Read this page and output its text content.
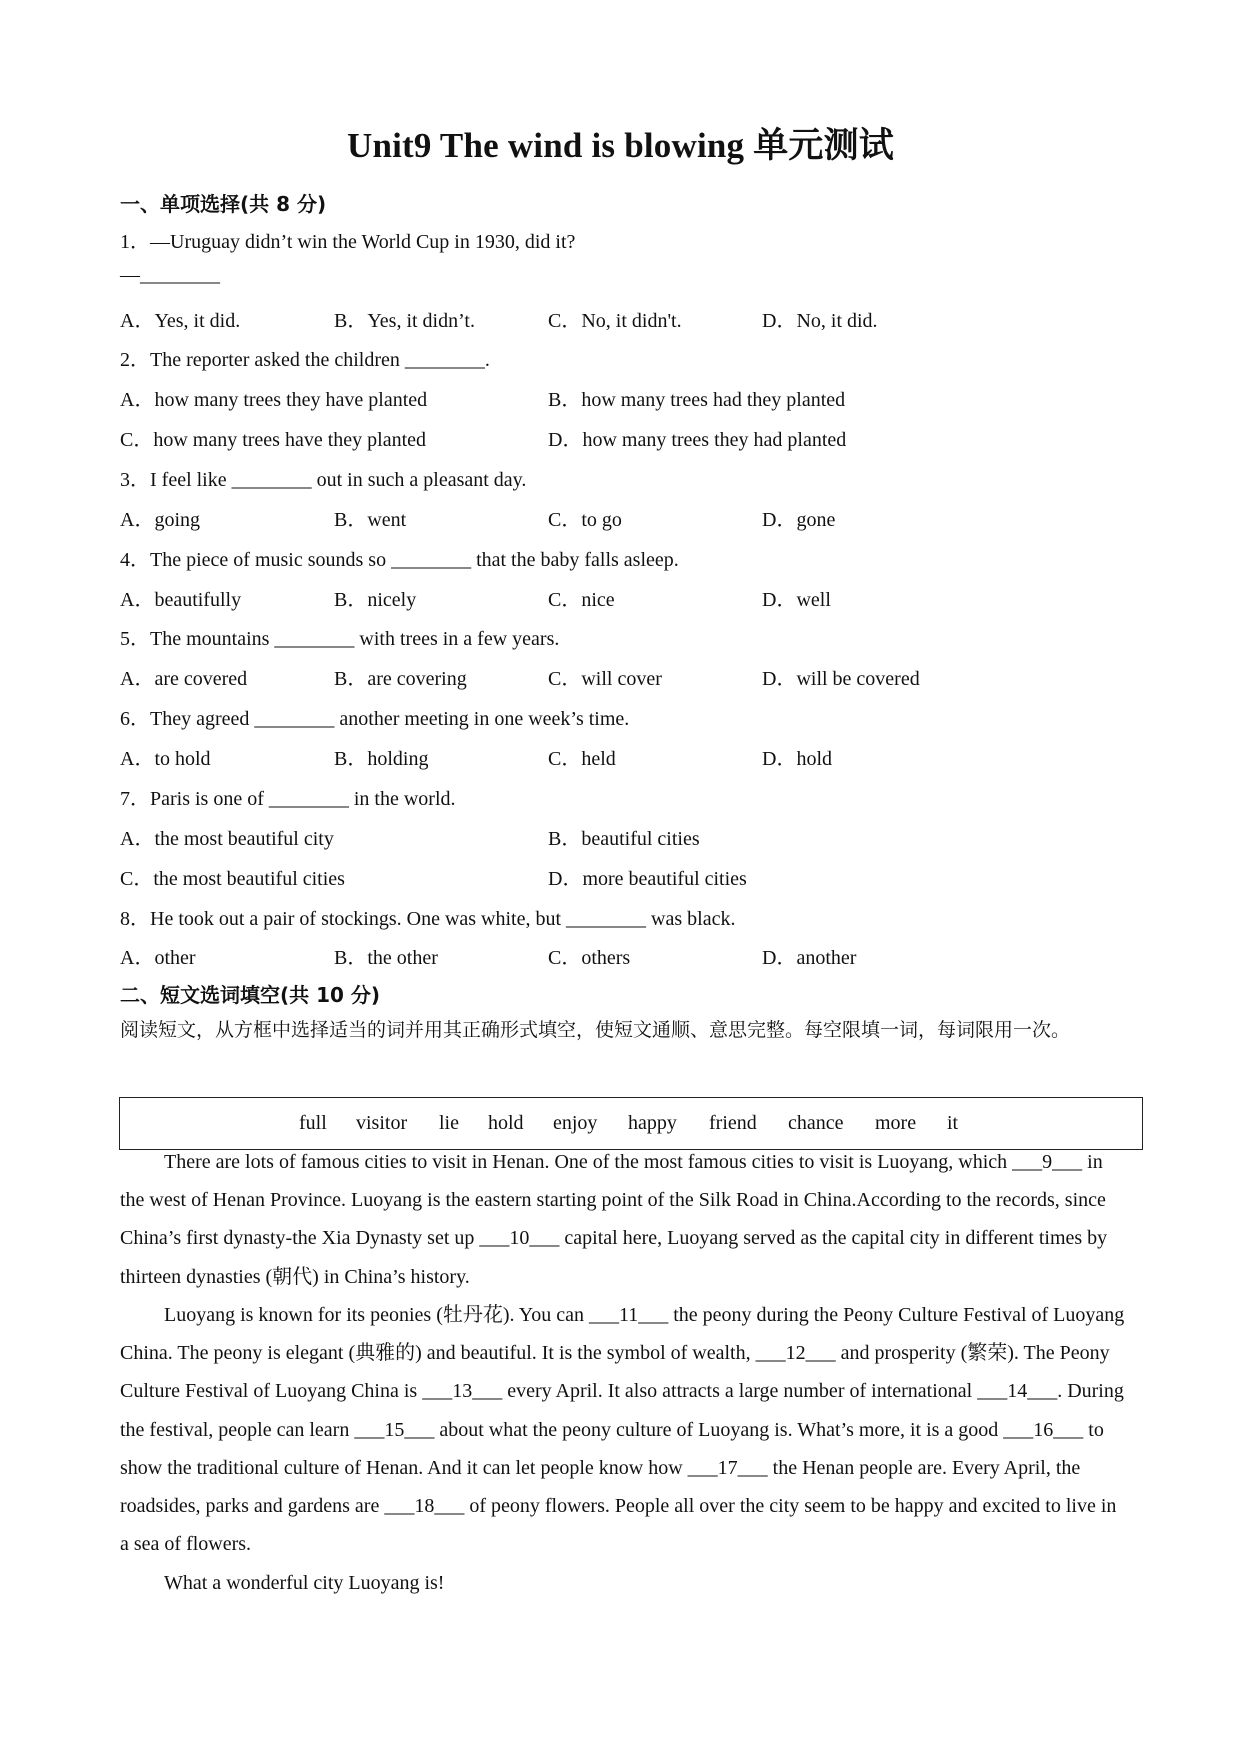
Unit9 The wind is blowing 单元测试
一、单项选择(共 8 分)
1．—Uruguay didn’t win the World Cup in 1930, did it?
—________
A．Yes, it did.	B．Yes, it didn’t.	C．No, it didn't.	D．No, it did.
2．The reporter asked the children ________.
A．how many trees they have planted	B．how many trees had they planted
C．how many trees have they planted	D．how many trees they had planted
3．I feel like ________ out in such a pleasant day.
A．going	B．went	C．to go	D．gone
4．The piece of music sounds so ________ that the baby falls asleep.
A．beautifully	B．nicely	C．nice	D．well
5．The mountains ________ with trees in a few years.
A．are covered	B．are covering	C．will cover	D．will be covered
6．They agreed ________ another meeting in one week’s time.
A．to hold	B．holding	C．held	D．hold
7．Paris is one of ________ in the world.
A．the most beautiful city	B．beautiful cities
C．the most beautiful cities	D．more beautiful cities
8．He took out a pair of stockings. One was white, but ________ was black.
A．other	B．the other	C．others	D．another
二、短文选词填空(共 10 分)
阅读短文，从方框中选择适当的词并用其正确形式填空，使短文通顺、意思完整。每空限填一词，每词限用一次。
full visitor lie hold enjoy happy friend chance more it
There are lots of famous cities to visit in Henan. One of the most famous cities to visit is Luoyang, which ___9___ in the west of Henan Province. Luoyang is the eastern starting point of the Silk Road in China.According to the records, since China’s first dynasty-the Xia Dynasty set up ___10___ capital here, Luoyang served as the capital city in different times by thirteen dynasties (朝代) in China’s history.
Luoyang is known for its peonies (牡丹花). You can ___11___ the peony during the Peony Culture Festival of Luoyang China. The peony is elegant (典雅的) and beautiful. It is the symbol of wealth, ___12___ and prosperity (繁荣). The Peony Culture Festival of Luoyang China is ___13___ every April. It also attracts a large number of international ___14___. During the festival, people can learn ___15___ about what the peony culture of Luoyang is. What’s more, it is a good ___16___ to show the traditional culture of Henan. And it can let people know how ___17___ the Henan people are. Every April, the roadsides, parks and gardens are ___18___ of peony flowers. People all over the city seem to be happy and excited to live in a sea of flowers.
What a wonderful city Luoyang is!
